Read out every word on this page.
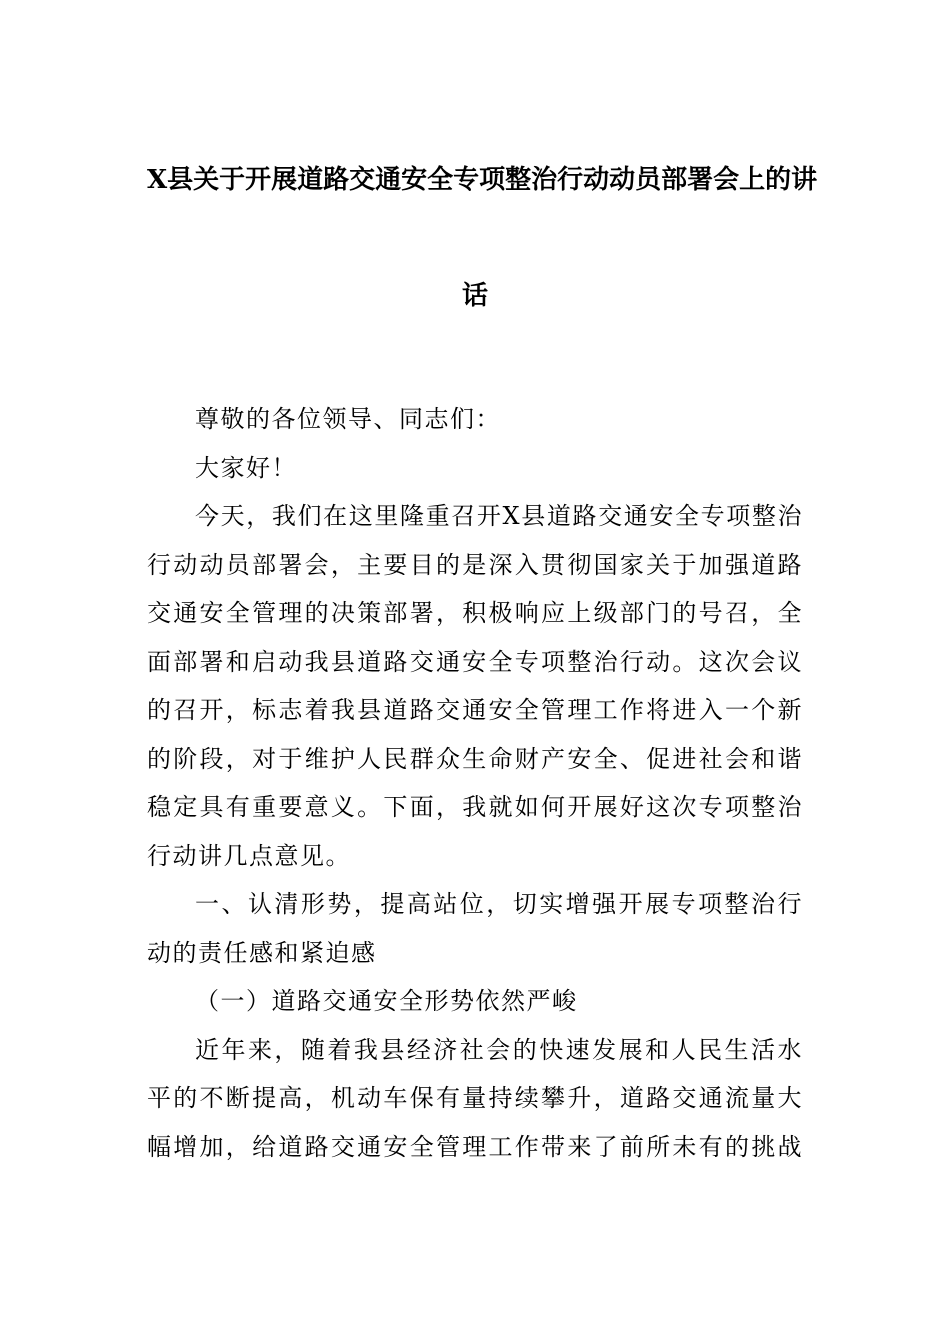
X县关于开展道路交通安全专项整治行动动员部署会上的讲
话

尊敬的各位领导、同志们：

大家好！

今天，我们在这里隆重召开X县道路交通安全专项整治行动动员部署会，主要目的是深入贯彻国家关于加强道路交通安全管理的决策部署，积极响应上级部门的号召，全面部署和启动我县道路交通安全专项整治行动。这次会议的召开，标志着我县道路交通安全管理工作将进入一个新的阶段，对于维护人民群众生命财产安全、促进社会和谐稳定具有重要意义。下面，我就如何开展好这次专项整治行动讲几点意见。

一、认清形势，提高站位，切实增强开展专项整治行动的责任感和紧迫感

（一）道路交通安全形势依然严峻

近年来，随着我县经济社会的快速发展和人民生活水平的不断提高，机动车保有量持续攀升，道路交通流量大幅增加，给道路交通安全管理工作带来了前所未有的挑战
